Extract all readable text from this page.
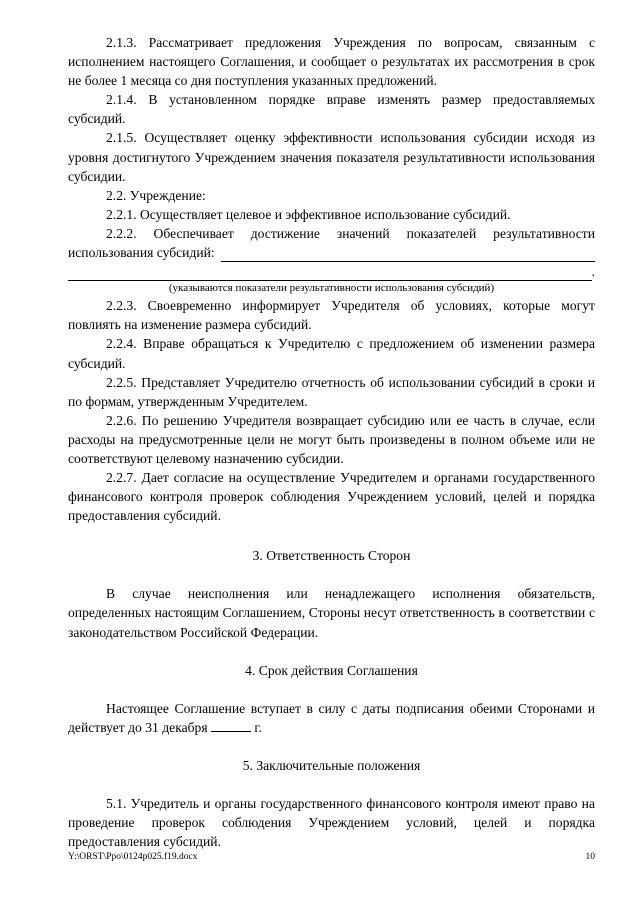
2.1.3. Рассматривает предложения Учреждения по вопросам, связанным с исполнением настоящего Соглашения, и сообщает о результатах их рассмотрения в срок не более 1 месяца со дня поступления указанных предложений.

2.1.4. В установленном порядке вправе изменять размер предоставляемых субсидий.

2.1.5. Осуществляет оценку эффективности использования субсидии исходя из уровня достигнутого Учреждением значения показателя результативности использования субсидии.

2.2. Учреждение:

2.2.1. Осуществляет целевое и эффективное использование субсидий.

2.2.2. Обеспечивает достижение значений показателей результативности

использования субсидий:
.

(указываются показатели результативности использования субсидий)

2.2.3. Своевременно информирует Учредителя об условиях, которые могут повлиять на изменение размера субсидий.

2.2.4. Вправе обращаться к Учредителю с предложением об изменении размера субсидий.

2.2.5. Представляет Учредителю отчетность об использовании субсидий в сроки и по формам, утвержденным Учредителем.

2.2.6. По решению Учредителя возвращает субсидию или ее часть в случае, если расходы на предусмотренные цели не могут быть произведены в полном объеме или не соответствуют целевому назначению субсидии.

2.2.7. Дает согласие на осуществление Учредителем и органами государственного финансового контроля проверок соблюдения Учреждением условий, целей и порядка предоставления субсидий.

3. Ответственность Сторон

В случае неисполнения или ненадлежащего исполнения обязательств, определенных настоящим Соглашением, Стороны несут ответственность в соответствии с законодательством Российской Федерации.

4. Срок действия Соглашения

Настоящее Соглашение вступает в силу с даты подписания обеими Сторонами и действует до 31 декабря	г.

5. Заключительные положения

5.1. Учредитель и органы государственного финансового контроля имеют право на проведение проверок соблюдения Учреждением условий, целей и порядка предоставления субсидий.

Y:\ORST\Ppo\0124p025.f19.docx	10
